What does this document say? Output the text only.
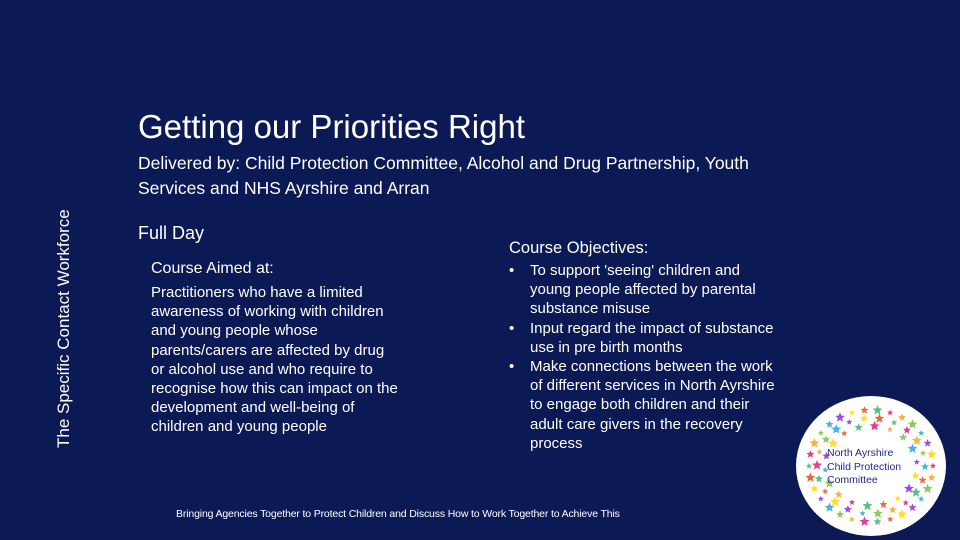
The Specific Contact Workforce
Getting our Priorities Right
Delivered by: Child Protection Committee, Alcohol and Drug Partnership, Youth Services and NHS Ayrshire and Arran
Full Day
Course Aimed at:
Practitioners who have a limited awareness of working with children and young people whose parents/carers are affected by drug or alcohol use and who require to recognise how this can impact on the development and well-being of children and young people
Course Objectives:
• To support 'seeing' children and young people affected by parental substance misuse
• Input regard the impact of substance use in pre birth months
• Make connections between the work of different services in North Ayrshire to engage both children and their adult care givers in the recovery process
Bringing Agencies Together to Protect Children and Discuss How to Work Together to Achieve This
North Ayrshire
Child Protection
Committee
